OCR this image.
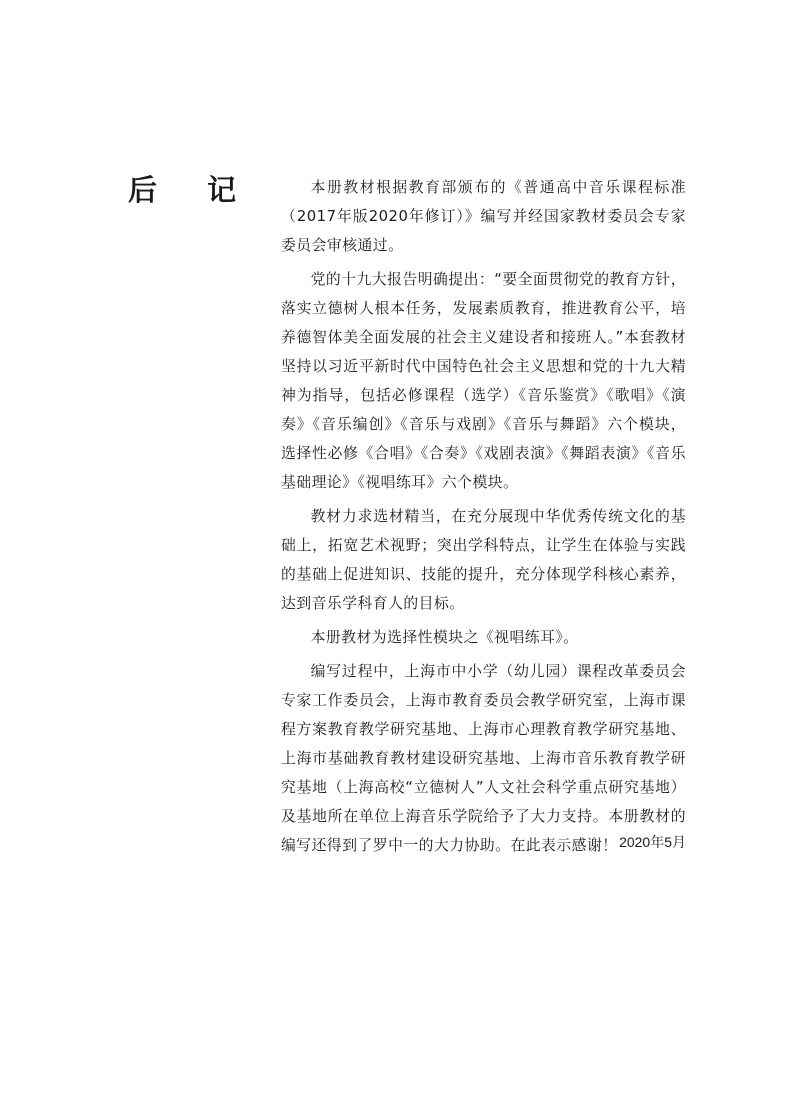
后 记	本册教材根据教育部颁布的《普通高中音乐课程标准（2017年版2020年修订）》编写并经国家教材委员会专家委员会审核通过。

党的十九大报告明确提出：“要全面贯彻党的教育方针，落实立德树人根本任务，发展素质教育，推进教育公平，培养德智体美全面发展的社会主义建设者和接班人。”本套教材坚持以习近平新时代中国特色社会主义思想和党的十九大精神为指导，包括必修课程（选学）《音乐鉴赏》《歌唱》《演奏》《音乐编创》《音乐与戏剧》《音乐与舞蹈》六个模块，选择性必修《合唱》《合奏》《戏剧表演》《舞蹈表演》《音乐基础理论》《视唱练耳》六个模块。

教材力求选材精当，在充分展现中华优秀传统文化的基础上，拓宽艺术视野；突出学科特点，让学生在体验与实践的基础上促进知识、技能的提升，充分体现学科核心素养，达到音乐学科育人的目标。

本册教材为选择性模块之《视唱练耳》。

编写过程中，上海市中小学（幼儿园）课程改革委员会专家工作委员会，上海市教育委员会教学研究室，上海市课程方案教育教学研究基地、上海市心理教育教学研究基地、上海市基础教育教材建设研究基地、上海市音乐教育教学研究基地（上海高校“立德树人”人文社会科学重点研究基地）及基地所在单位上海音乐学院给予了大力支持。本册教材的编写还得到了罗中一的大力协助。在此表示感谢！ 2020年5月
